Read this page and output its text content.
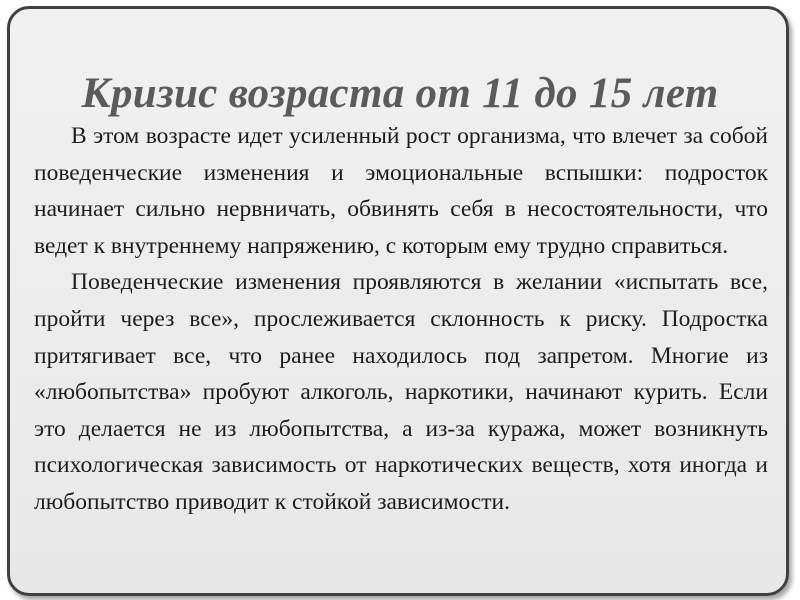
Кризис возраста от 11 до 15 лет

В этом возрасте идет усиленный рост организма, что влечет за собой поведенческие изменения и эмоциональные вспышки: подросток начинает сильно нервничать, обвинять себя в несостоятельности, что ведет к внутреннему напряжению, с которым ему трудно справиться.

Поведенческие изменения проявляются в желании «испытать все, пройти через все», прослеживается склонность к риску. Подростка притягивает все, что ранее находилось под запретом. Многие из «любопытства» пробуют алкоголь, наркотики, начинают курить. Если это делается не из любопытства, а из-за куража, может возникнуть психологическая зависимость от наркотических веществ, хотя иногда и любопытство приводит к стойкой зависимости.
